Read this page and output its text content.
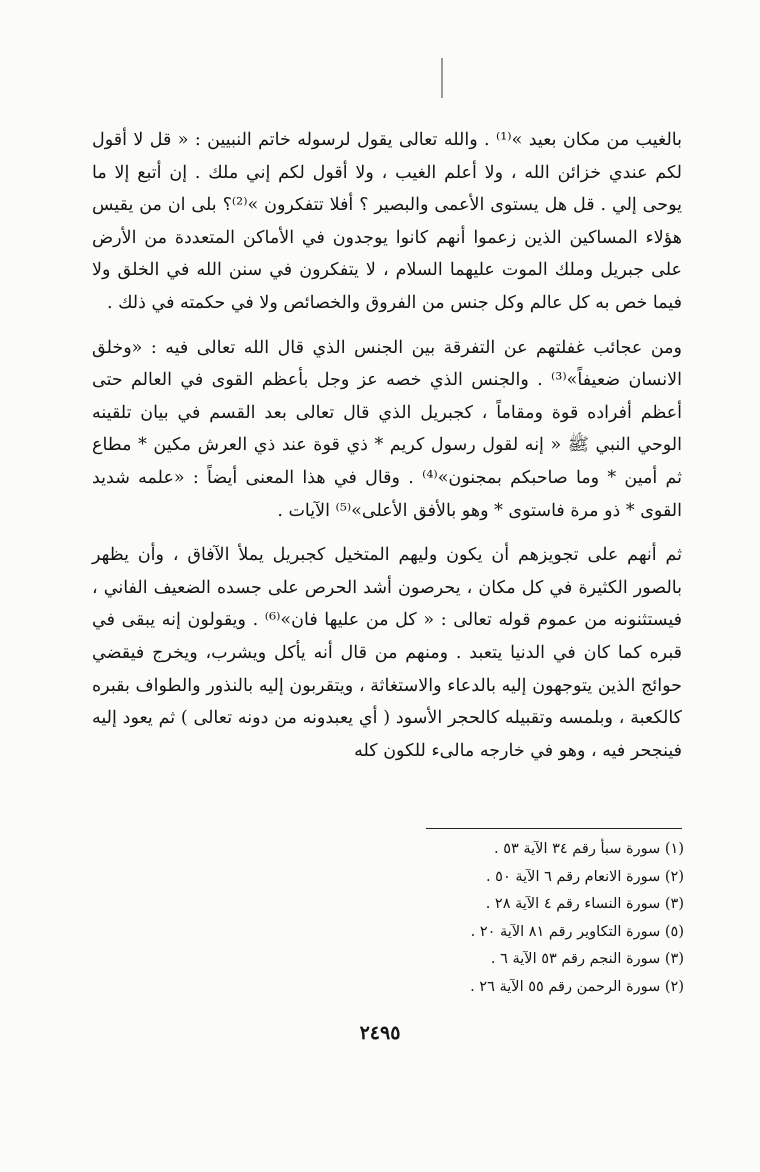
بالغيب من مكان بعيد »⁽¹⁾ . والله تعالى يقول لرسوله خاتم النبيين : « قل لا أقول لكم عندي خزائن الله ، ولا أعلم الغيب ، ولا أقول لكم إني ملك . إن أتبع إلا ما يوحى إلي . قل هل يستوى الأعمى والبصير ؟ أفلا تتفكرون »⁽²⁾؟ بلى ان من يقيس هؤلاء المساكين الذين زعموا أنهم كانوا يوجدون في الأماكن المتعددة من الأرض على جبريل وملك الموت عليهما السلام ، لا يتفكرون في سنن الله في الخلق ولا فيما خص به كل عالم وكل جنس من الفروق والخصائص ولا في حكمته في ذلك .

ومن عجائب غفلتهم عن التفرقة بين الجنس الذي قال الله تعالى فيه : «وخلق الانسان ضعيفاً»⁽³⁾ . والجنس الذي خصه عز وجل بأعظم القوى في العالم حتى أعظم أفراده قوة ومقاماً ، كجبريل الذي قال تعالى بعد القسم في بيان تلقينه الوحي النبي ﷺ « إنه لقول رسول كريم * ذي قوة عند ذي العرش مكين * مطاع ثم أمين * وما صاحبكم بمجنون»⁽⁴⁾ . وقال في هذا المعنى أيضاً : «علمه شديد القوى * ذو مرة فاستوى * وهو بالأفق الأعلى»⁽⁵⁾ الآيات .

ثم أنهم على تجويزهم أن يكون وليهم المتخيل كجبريل يملأ الآفاق ، وأن يظهر بالصور الكثيرة في كل مكان ، يحرصون أشد الحرص على جسده الضعيف الفاني ، فيستثنونه من عموم قوله تعالى : « كل من عليها فان»⁽⁶⁾ . ويقولون إنه يبقى في قبره كما كان في الدنيا يتعبد . ومنهم من قال أنه يأكل ويشرب، ويخرج فيقضي حوائج الذين يتوجهون إليه بالدعاء والاستغاثة ، ويتقربون إليه بالنذور والطواف بقبره كالكعبة ، وبلمسه وتقبيله كالحجر الأسود ( أي يعبدونه من دونه تعالى ) ثم يعود إليه فينجحر فيه ، وهو في خارجه مالىء للكون كله

(١) سورة سبأ رقم ٣٤ الآية ٥٣ .
(٢) سورة الانعام رقم ٦ الآية ٥٠ .
(٣) سورة النساء رقم ٤ الآية ٢٨ .
(٥) سورة التكاوير رقم ٨١ الآية ٢٠ .
(٣) سورة النجم رقم ٥٣ الآية ٦ .
(٢) سورة الرحمن رقم ٥٥ الآية ٢٦ .
٢٤٩٥
